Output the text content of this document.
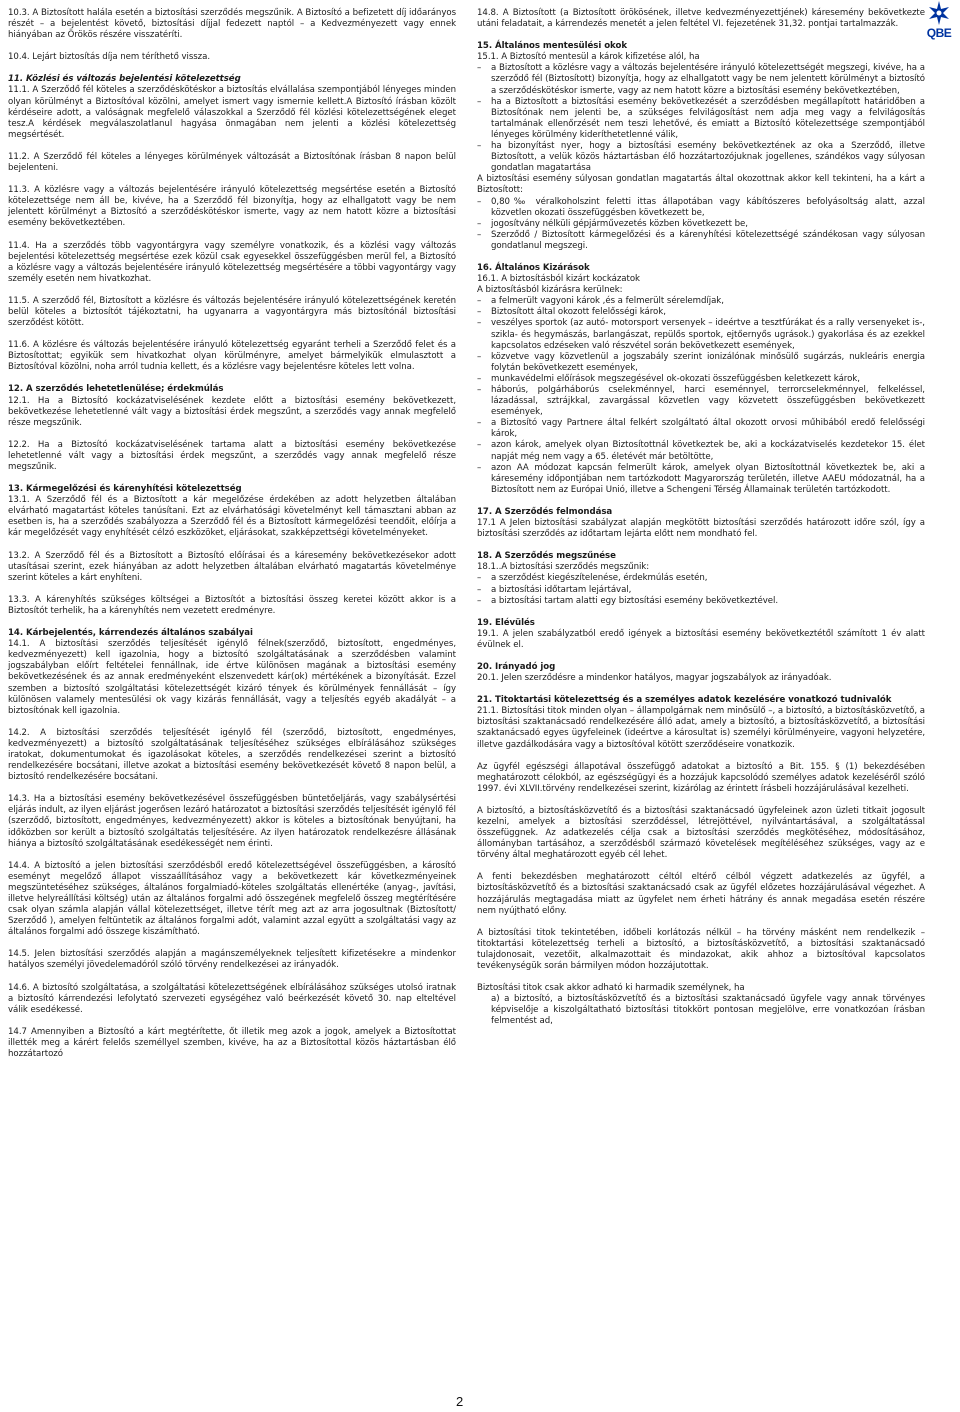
QBE

10.3. A Biztosított halála esetén a biztosítási szerződés megszűnik. A Biztosító a befizetett díj időarányos részét – a bejelentést követő, biztosítási díjjal fedezett naptól – a Kedvezményezett vagy ennek hiányában az Örökös részére visszatéríti.

10.4. Lejárt biztosítás díja nem téríthető vissza.

11. Közlési és változás bejelentési kötelezettség

11.1. A Szerződő fél köteles a szerződéskötéskor a biztosítás elvállalása szempontjából lényeges minden olyan körülményt a Biztosítóval közölni, amelyet ismert vagy ismernie kellett.A Biztosító írásban közölt kérdéseire adott, a valóságnak megfelelő válaszokkal a Szerződő fél közlési kötelezettségének eleget tesz.A kérdések megválaszolatlanul hagyása önmagában nem jelenti a közlési kötelezettség megsértését.

11.2. A Szerződő fél köteles a lényeges körülmények változását a Biztosítónak írásban 8 napon belül bejelenteni.

11.3. A közlésre vagy a változás bejelentésére irányuló kötelezettség megsértése esetén a Biztosító kötelezettsége nem áll be, kivéve, ha a Szerződő fél bizonyítja, hogy az elhallgatott vagy be nem jelentett körülményt a Biztosító a szerződéskötéskor ismerte, vagy az nem hatott közre a biztosítási esemény bekövetkeztében.

11.4. Ha a szerződés több vagyontárgyra vagy személyre vonatkozik, és a közlési vagy változás bejelentési kötelezettség megsértése ezek közül csak egyesekkel összefüggésben merül fel, a Biztosító a közlésre vagy a változás bejelentésére irányuló kötelezettség megsértésére a többi vagyontárgy vagy személy esetén nem hivatkozhat.

11.5. A szerződő fél, Biztosított a közlésre és változás bejelentésére irányuló kötelezettségének keretén belül köteles a biztosítót tájékoztatni, ha ugyanarra a vagyontárgyra más biztosítónál biztosítási szerződést kötött.

11.6. A közlésre és változás bejelentésére irányuló kötelezettség egyaránt terheli a Szerződő felet és a Biztosítottat; egyikük sem hivatkozhat olyan körülményre, amelyet bármelyikük elmulasztott a Biztosítóval közölni, noha arról tudnia kellett, és a közlésre vagy bejelentésre köteles lett volna.

12. A szerződés lehetetlenülése; érdekmúlás

12.1. Ha a Biztosító kockázatviselésének kezdete előtt a biztosítási esemény bekövetkezett, bekövetkezése lehetetlenné vált vagy a biztosítási érdek megszűnt, a szerződés vagy annak megfelelő része megszűnik.

12.2. Ha a Biztosító kockázatviselésének tartama alatt a biztosítási esemény bekövetkezése lehetetlenné vált vagy a biztosítási érdek megszűnt, a szerződés vagy annak megfelelő része megszűnik.

13. Kármegelőzési és kárenyhítési kötelezettség

13.1. A Szerződő fél és a Biztosított a kár megelőzése érdekében az adott helyzetben általában elvárható magatartást köteles tanúsítani. Ezt az elvárhatósági követelményt kell támasztani abban az esetben is, ha a szerződés szabályozza a Szerződő fél és a Biztosított kármegelőzési teendőit, előírja a kár megelőzését vagy enyhítését célzó eszközöket, eljárásokat, szakképzettségi követelményeket.

13.2. A Szerződő fél és a Biztosított a Biztosító előírásai és a káresemény bekövetkezésekor adott utasításai szerint, ezek hiányában az adott helyzetben általában elvárható magatartás követelménye szerint köteles a kárt enyhíteni.

13.3. A kárenyhítés szükséges költségei a Biztosítót a biztosítási összeg keretei között akkor is a Biztosítót terhelik, ha a kárenyhítés nem vezetett eredményre.

14. Kárbejelentés, kárrendezés általános szabályai

14.1. A biztosítási szerződés teljesítését igénylő félnek(szerződő, biztosított, engedményes, kedvezményezett) kell igazolnia, hogy a biztosító szolgáltatásának a szerződésben valamint jogszabályban előírt feltételei fennállnak, ide értve különösen magának a biztosítási esemény bekövetkezésének és az annak eredményeként elszenvedett kár(ok) mértékének a bizonyítását. Ezzel szemben a biztosító szolgáltatási kötelezettségét kizáró tények és körülmények fennállását – így különösen valamely mentesülési ok vagy kizárás fennállását, vagy a teljesítés egyéb akadályát – a biztosítónak kell igazolnia.

14.2. A biztosítási szerződés teljesítését igénylő fél (szerződő, biztosított, engedményes, kedvezményezett) a biztosító szolgáltatásának teljesítéséhez szükséges elbírálásához szükséges iratokat, dokumentumokat és igazolásokat köteles, a szerződés rendelkezései szerint a biztosító rendelkezésére bocsátani, illetve azokat a biztosítási esemény bekövetkezését követő 8 napon belül, a biztosító rendelkezésére bocsátani.

14.3. Ha a biztosítási esemény bekövetkezésével összefüggésben büntetőeljárás, vagy szabálysértési eljárás indult, az ilyen eljárást jogerősen lezáró határozatot a biztosítási szerződés teljesítését igénylő fél (szerződő, biztosított, engedményes, kedvezményezett) akkor is köteles a biztosítónak benyújtani, ha időközben sor került a biztosító szolgáltatás teljesítésére. Az ilyen határozatok rendelkezésre állásának hiánya a biztosító szolgáltatásának esedékességét nem érinti.

14.4. A biztosító a jelen biztosítási szerződésből eredő kötelezettségével összefüggésben, a károsító eseményt megelőző állapot visszaállításához vagy a bekövetkezett kár következményeinek megszüntetéséhez szükséges, általános forgalmiadó-köteles szolgáltatás ellenértéke (anyag-, javítási, illetve helyreállítási költség) után az általános forgalmi adó összegének megfelelő összeg megtérítésére csak olyan számla alapján vállal kötelezettséget, illetve térít meg azt az arra jogosultnak (Biztosított/ Szerződő ), amelyen feltüntetik az általános forgalmi adót, valamint azzal együtt a szolgáltatási vagy az általános forgalmi adó összege kiszámítható.

14.5. Jelen biztosítási szerződés alapján a magánszemélyeknek teljesített kifizetésekre a mindenkor hatályos személyi jövedelemadóról szóló törvény rendelkezései az irányadók.

14.6. A biztosító szolgáltatása, a szolgáltatási kötelezettségének elbírálásához szükséges utolsó iratnak a biztosító kárrendezési lefolytató szervezeti egységéhez való beérkezését követő 30. nap elteltével válik esedékessé.

14.7 Amennyiben a Biztosító a kárt megtérítette, őt illetik meg azok a jogok, amelyek a Biztosítottat illették meg a kárért felelős személlyel szemben, kivéve, ha az a Biztosítottal közös háztartásban élő hozzátartozó

14.8. A Biztosított (a Biztosított örökösének, illetve kedvezményezettjének) káresemény bekövetkezte utáni feladatait, a kárrendezés menetét a jelen feltétel VI. fejezetének 31,32. pontjai tartalmazzák.

15. Általános mentesülési okok

15.1. A Biztosító mentesül a károk kifizetése alól, ha

– a Biztosított a közlésre vagy a változás bejelentésére irányuló kötelezettségét megszegi, kivéve, ha a szerződő fél (Biztosított) bizonyítja, hogy az elhallgatott vagy be nem jelentett körülményt a biztosító a szerződéskötéskor ismerte, vagy az nem hatott közre a biztosítási esemény bekövetkeztében,
– ha a Biztosított a biztosítási esemény bekövetkezését a szerződésben megállapított határidőben a Biztosítónak nem jelenti be, a szükséges felvilágosítást nem adja meg vagy a felvilágosítás tartalmának ellenőrzését nem teszi lehetővé, és emiatt a Biztosító kötelezettsége szempontjából lényeges körülmény kideríthetetlenné válik,
– ha bizonyítást nyer, hogy a biztosítási esemény bekövetkeztének az oka a Szerződő, illetve Biztosított, a velük közös háztartásban élő hozzátartozójuknak jogellenes, szándékos vagy súlyosan gondatlan magatartása

A biztosítási esemény súlyosan gondatlan magatartás által okozottnak akkor kell tekinteni, ha a kárt a Biztosított:

– 0,80‰ véralkoholszint feletti ittas állapotában vagy kábítószeres befolyásoltság alatt, azzal közvetlen okozati összefüggésben következett be,
– jogosítvány nélküli gépjárművezetés közben következett be,
– Szerződő / Biztosított kármegelőzési és a kárenyhítési kötelezettségé szándékosan vagy súlyosan gondatlanul megszegi.

16. Általános Kizárások

16.1. A biztosításból kizárt kockázatok

A biztosításból kizárásra kerülnek:

– a felmerült vagyoni károk ,és a felmerült sérelemdíjak,
– Biztosított által okozott felelősségi károk,
– veszélyes sportok (az autó- motorsport versenyek – ideértve a tesztfúrákat és a rally versenyeket is-, szikla- és hegymászás, barlangászat, repülős sportok, ejtőernyős ugrások.) gyakorlása és az ezekkel kapcsolatos edzéseken való részvétel során bekövetkezett események,
– közvetve vagy közvetlenül a jogszabály szerint ionizálónak minősülő sugárzás, nukleáris energia folytán bekövetkezett események,
– munkavédelmi előírások megszegésével ok-okozati összefüggésben keletkezett károk,
– háborús, polgárháborús cselekménnyel, harci eseménnyel, terrorcselekménnyel, felkeléssel, lázadással, sztrájkkal, zavargással közvetlen vagy közvetett összefüggésben bekövetkezett események,
– a Biztosító vagy Partnere által felkért szolgáltató által okozott orvosi műhibából eredő felelősségi károk,
– azon károk, amelyek olyan Biztosítottnál következtek be, aki a kockázatviselés kezdetekor 15. élet napját még nem vagy a 65. életévét már betöltötte,
– azon AA módozat kapcsán felmerült károk, amelyek olyan Biztosítottnál következtek be, aki a káresemény időpontjában nem tartózkodott Magyarország területén, illetve AAEU módozatnál, ha a Biztosított nem az Európai Unió, illetve a Schengeni Térség Államainak területén tartózkodott.

17. A Szerződés felmondása

17.1 A Jelen biztosítási szabályzat alapján megkötött biztosítási szerződés határozott időre szól, így a biztosítási szerződés az időtartam lejárta előtt nem mondható fel.

18. A Szerződés megszűnése

18.1..A biztosítási szerződés megszűnik:

– a szerződést kiegészítelenése, érdekmúlás esetén,
– a biztosítási időtartam lejártával,
– a biztosítási tartam alatti egy biztosítási esemény bekövetkeztével.

19. Elévülés

19.1. A jelen szabályzatból eredő igények a biztosítási esemény bekövetkeztétől számított 1 év alatt évülnek el.

20. Irányadó jog

20.1. Jelen szerződésre a mindenkor hatályos, magyar jogszabályok az irányadóak.

21. Titoktartási kötelezettség és a személyes adatok kezelésére vonatkozó tudnivalók

21.1. Biztosítási titok minden olyan – állampolgárnak nem minősülő –, a biztosító, a biztosításközvetítő, a biztosítási szaktanácsadó rendelkezésére álló adat, amely a biztosító, a biztosításközvetítő, a biztosítási szaktanácsadó egyes ügyfeleinek (ideértve a károsultat is) személyi körülményeire, vagyoni helyzetére, illetve gazdálkodására vagy a biztosítóval kötött szerződéseire vonatkozik.

Az ügyfél egészségi állapotával összefüggő adatokat a biztosító a Bit. 155. § (1) bekezdésében meghatározott célokból, az egészségügyi és a hozzájuk kapcsolódó személyes adatok kezeléséről szóló 1997. évi XLVII.törvény rendelkezései szerint, kizárólag az érintett írásbeli hozzájárulásával kezelheti.

A biztosító, a biztosításközvetítő és a biztosítási szaktanácsadó ügyfeleinek azon üzleti titkait jogosult kezelni, amelyek a biztosítási szerződéssel, létrejöttével, nyilvántartásával, a szolgáltatással összefüggnek. Az adatkezelés célja csak a biztosítási szerződés megkötéséhez, módosításához, állományban tartásához, a szerződésből származó követelések megítéléséhez szükséges, vagy az e törvény által meghatározott egyéb cél lehet.

A fenti bekezdésben meghatározott céltól eltérő célból végzett adatkezelés az ügyfél, a biztosításközvetítő és a biztosítási szaktanácsadó csak az ügyfél előzetes hozzájárulásával végezhet. A hozzájárulás megtagadása miatt az ügyfelet nem érheti hátrány és annak megadása esetén részére nem nyújtható előny.

A biztosítási titok tekintetében, időbeli korlátozás nélkül – ha törvény másként nem rendelkezik – titoktartási kötelezettség terheli a biztosító, a biztosításközvetítő, a biztosítási szaktanácsadó tulajdonosait, vezetőit, alkalmazottait és mindazokat, akik ahhoz a biztosítóval kapcsolatos tevékenységük során bármilyen módon hozzájutottak.

Biztosítási titok csak akkor adható ki harmadik személynek, ha

a) a biztosító, a biztosításközvetítő és a biztosítási szaktanácsadó ügyfele vagy annak törvényes képviselője a kiszolgáltatható biztosítási titokkört pontosan megjelölve, erre vonatkozóan írásban felmentést ad,

2
